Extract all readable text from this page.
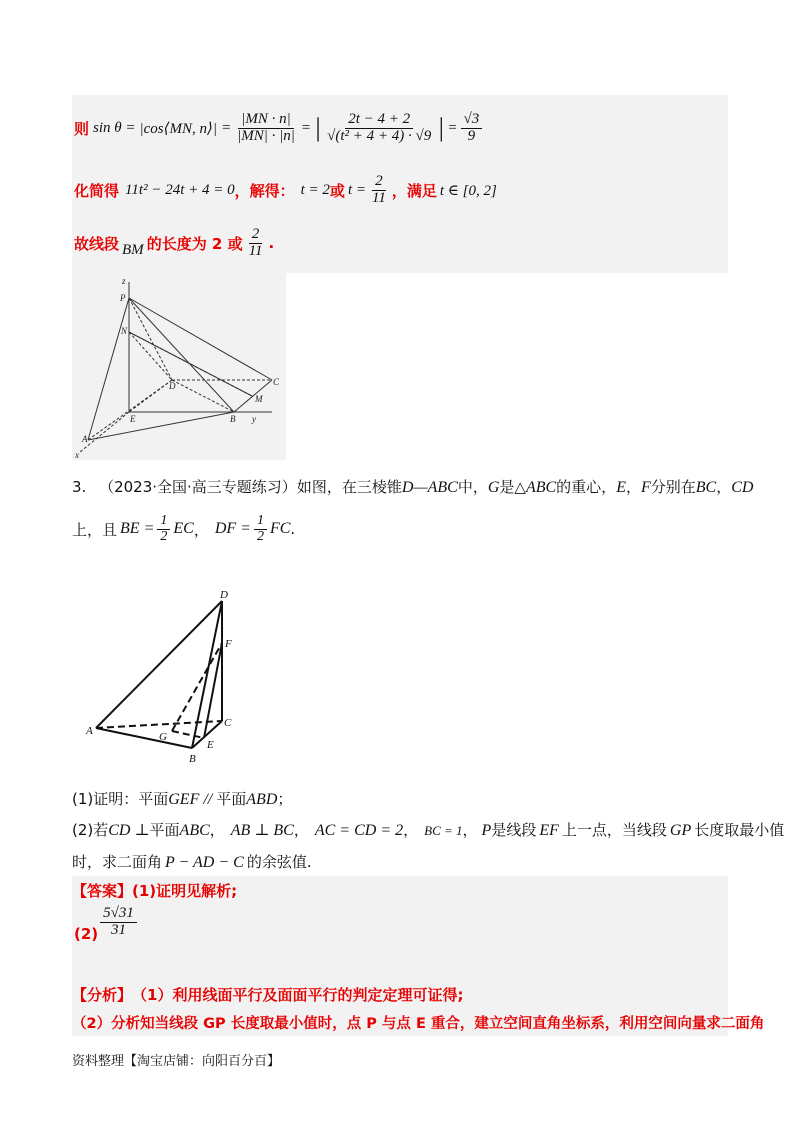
则 sin θ = |cos⟨MN, n⟩| = $\frac{|MN \cdot n|}{|MN| \cdot |n|}$ = | $\frac{2t - 4 + 2}{\text{√(t² + 4 + 4) · √9}}$ | = $\frac{√3}{9}$
化简得 11t² − 24t + 4 = 0 ，解得： t = 2 或 $t = \frac{2}{11}$ ，满足 t ∈ [0, 2]
故线段 BM 的长度为 2 或 $\frac{2}{11}$ .
z
P
N
D	C
M
E	B y
A
x
3. （2023·全国·高三专题练习）如图，在三棱锥D—ABC中，G是△ABC的重心，E，F分别在BC，CD
上，且 BE = $\frac{1}{2}$ EC ， DF = $\frac{1}{2}$ FC .
D
F
C
A	G
E
B
(1)证明：平面GEF // 平面ABD；
(2)若CD ⊥平面ABC， AB ⊥ BC， AC = CD = 2， BC = 1， P是线段 EF 上一点，当线段 GP 长度取最小值
时，求二面角 P − AD − C 的余弦值.
【答案】 (1)证明见解析;
$(2) \frac{5√31}{31}$
【分析】 （1）利用线面平行及面面平行的判定定理可证得;
（2）分析知当线段 GP 长度取最小值时，点 P 与点 E 重合，建立空间直角坐标系，利用空间向量求二面角
资料整理【淘宝店铺：向阳百分百】
